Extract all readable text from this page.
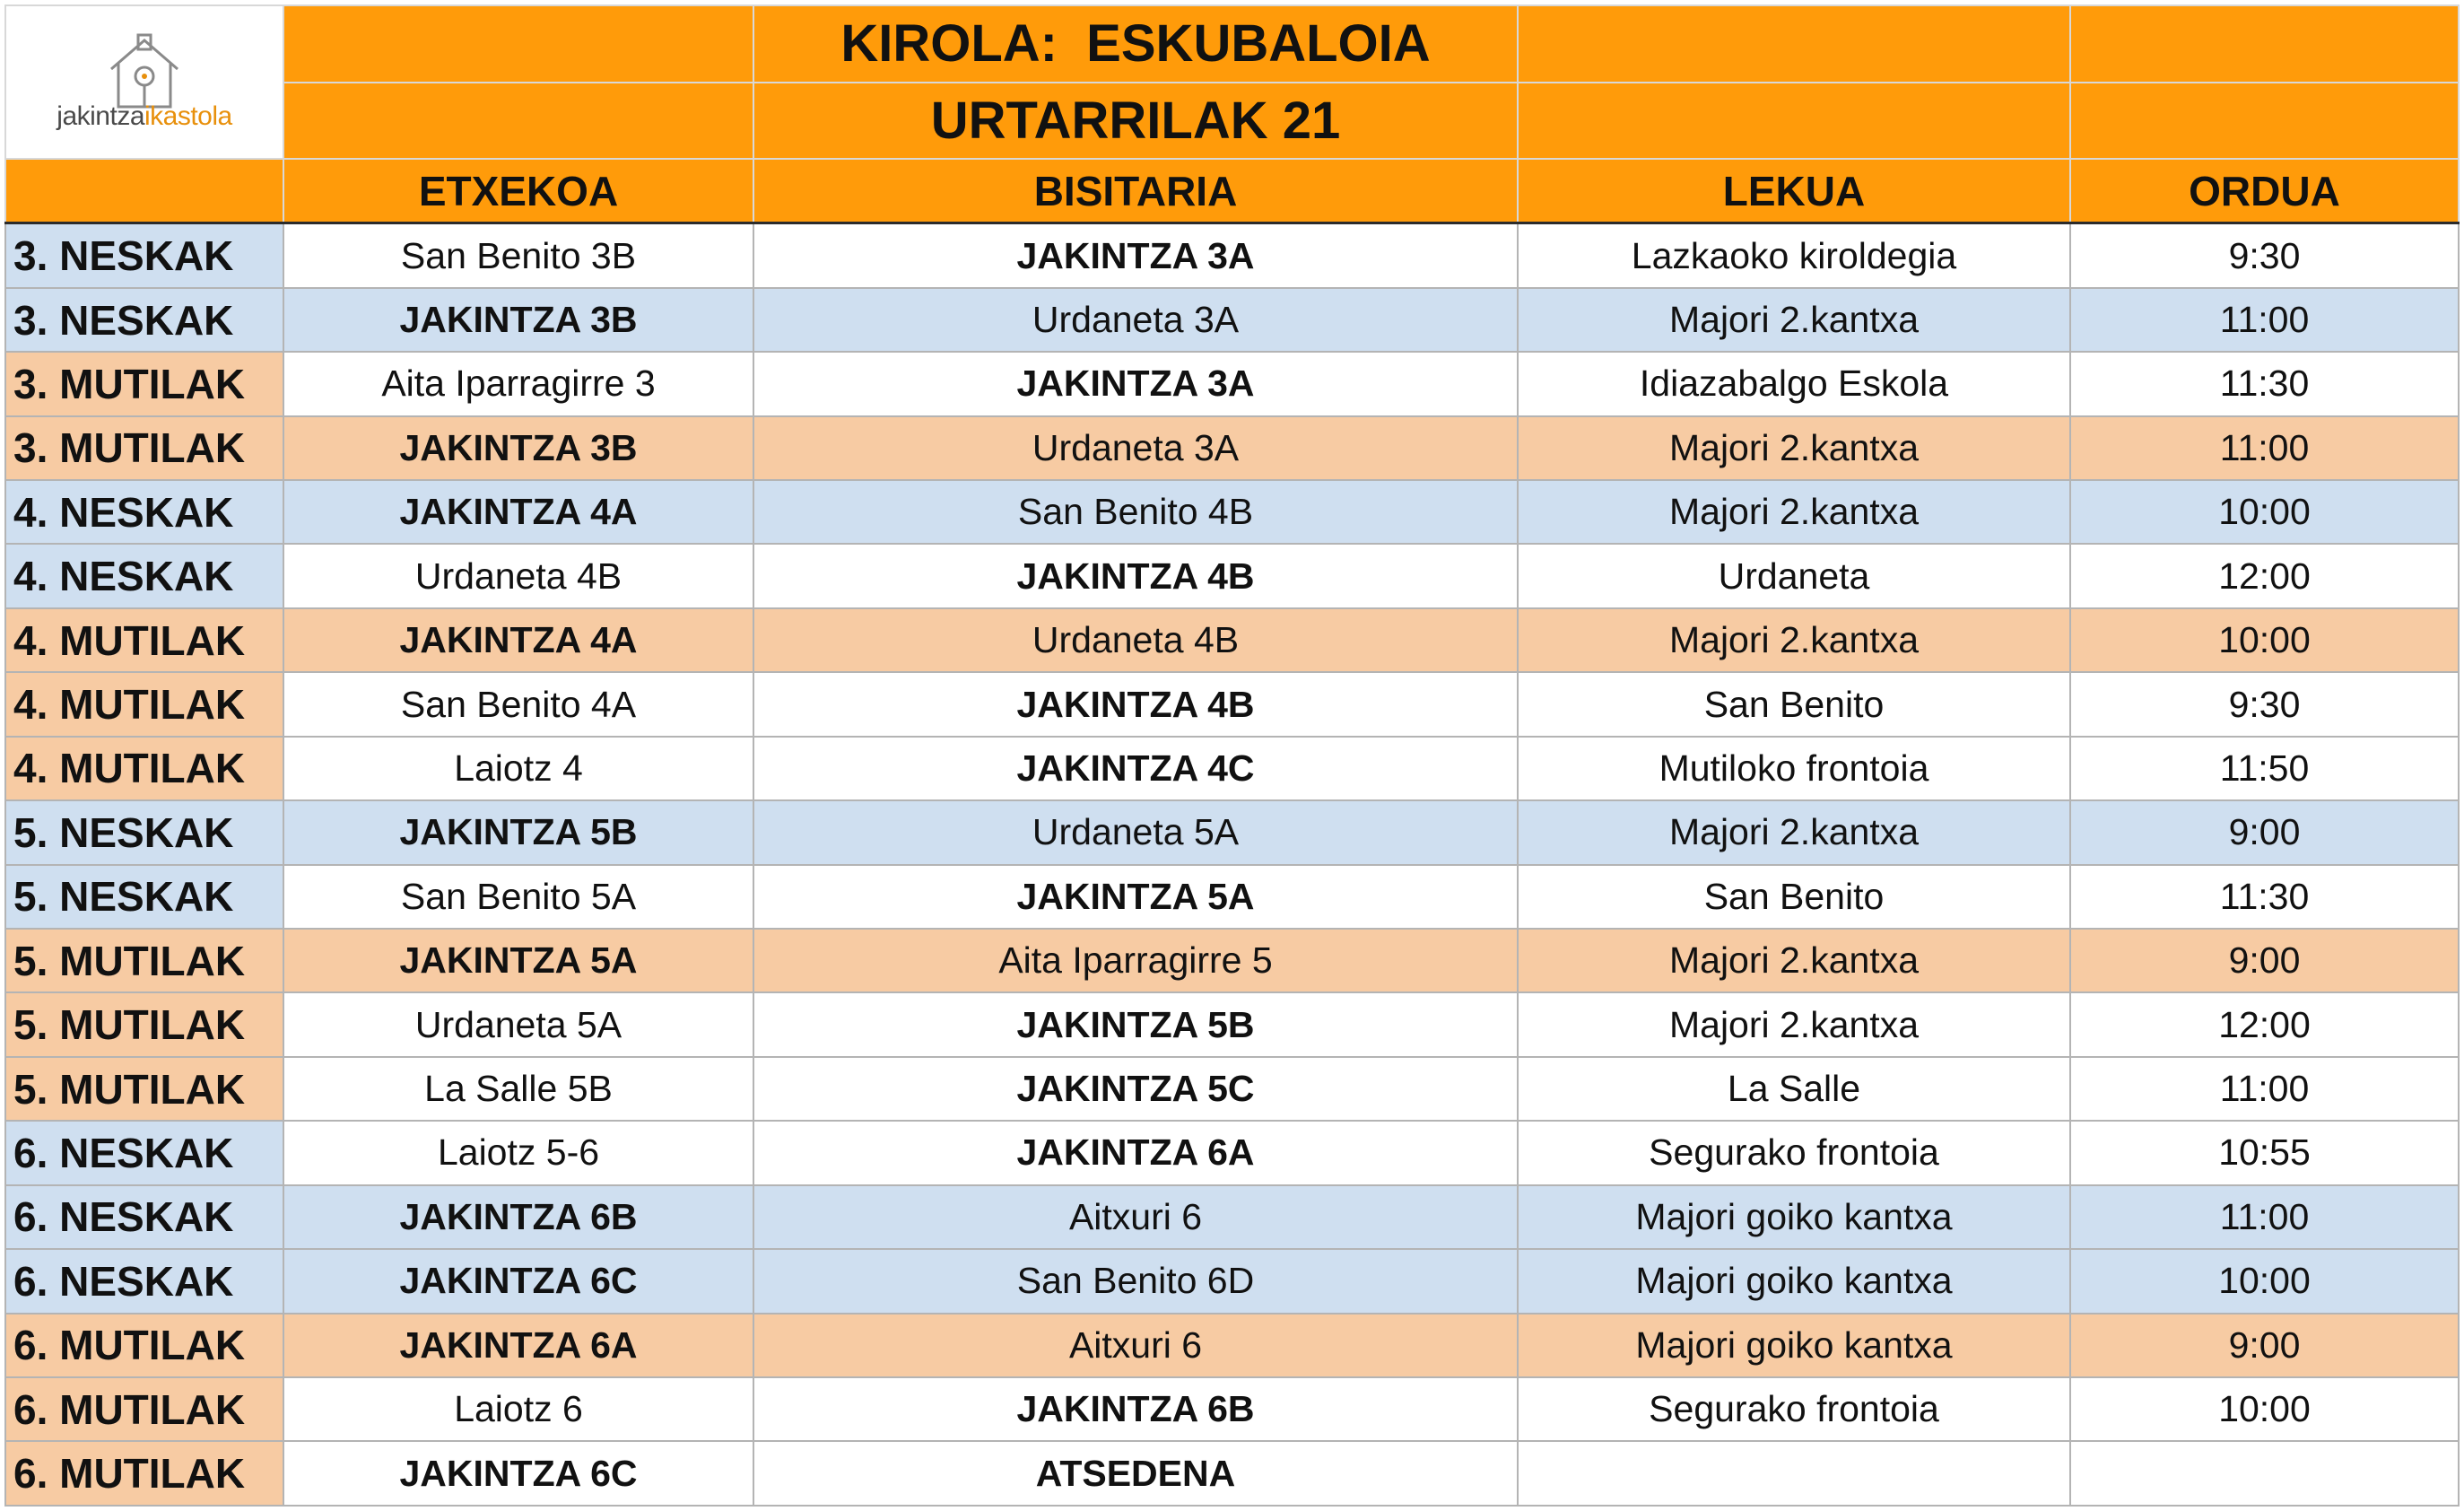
jakintzaikastola		KIROLA:  ESKUBALOIA		
		URTARRILAK 21		
	ETXEKOA	BISITARIA	LEKUA	ORDUA
3. NESKAK	San Benito 3B	JAKINTZA 3A	Lazkaoko kiroldegia	9:30
3. NESKAK	JAKINTZA 3B	Urdaneta 3A	Majori 2.kantxa	11:00
3. MUTILAK	Aita Iparragirre 3	JAKINTZA 3A	Idiazabalgo Eskola	11:30
3. MUTILAK	JAKINTZA 3B	Urdaneta 3A	Majori 2.kantxa	11:00
4. NESKAK	JAKINTZA 4A	San Benito 4B	Majori 2.kantxa	10:00
4. NESKAK	Urdaneta 4B	JAKINTZA 4B	Urdaneta	12:00
4. MUTILAK	JAKINTZA 4A	Urdaneta 4B	Majori 2.kantxa	10:00
4. MUTILAK	San Benito 4A	JAKINTZA 4B	San Benito	9:30
4. MUTILAK	Laiotz 4	JAKINTZA 4C	Mutiloko frontoia	11:50
5. NESKAK	JAKINTZA 5B	Urdaneta 5A	Majori 2.kantxa	9:00
5. NESKAK	San Benito 5A	JAKINTZA 5A	San Benito	11:30
5. MUTILAK	JAKINTZA 5A	Aita Iparragirre 5	Majori 2.kantxa	9:00
5. MUTILAK	Urdaneta 5A	JAKINTZA 5B	Majori 2.kantxa	12:00
5. MUTILAK	La Salle 5B	JAKINTZA 5C	La Salle	11:00
6. NESKAK	Laiotz 5-6	JAKINTZA 6A	Segurako frontoia	10:55
6. NESKAK	JAKINTZA 6B	Aitxuri 6	Majori goiko kantxa	11:00
6. NESKAK	JAKINTZA 6C	San Benito 6D	Majori goiko kantxa	10:00
6. MUTILAK	JAKINTZA 6A	Aitxuri 6	Majori goiko kantxa	9:00
6. MUTILAK	Laiotz 6	JAKINTZA 6B	Segurako frontoia	10:00
6. MUTILAK	JAKINTZA 6C	ATSEDENA		
